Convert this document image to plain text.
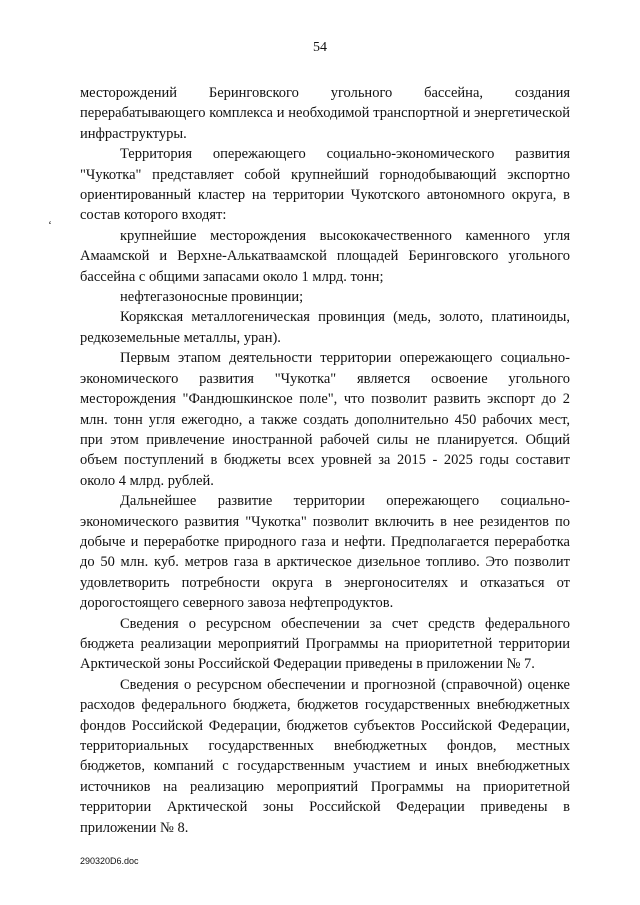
54
‘

месторождений Беринговского угольного бассейна, создания перерабатывающего комплекса и необходимой транспортной и энергетической инфраструктуры.

Территория опережающего социально-экономического развития "Чукотка" представляет собой крупнейший горнодобывающий экспортно ориентированный кластер на территории Чукотского автономного округа, в состав которого входят:

крупнейшие месторождения высококачественного каменного угля Амаамской и Верхне-Алькатваамской площадей Беринговского угольного бассейна с общими запасами около 1 млрд. тонн;

нефтегазоносные провинции;

Корякская металлогеническая провинция (медь, золото, платиноиды, редкоземельные металлы, уран).

Первым этапом деятельности территории опережающего социально-экономического развития "Чукотка" является освоение угольного месторождения "Фандюшкинское поле", что позволит развить экспорт до 2 млн. тонн угля ежегодно, а также создать дополнительно 450 рабочих мест, при этом привлечение иностранной рабочей силы не планируется. Общий объем поступлений в бюджеты всех уровней за 2015 - 2025 годы составит около 4 млрд. рублей.

Дальнейшее развитие территории опережающего социально-экономического развития "Чукотка" позволит включить в нее резидентов по добыче и переработке природного газа и нефти. Предполагается переработка до 50 млн. куб. метров газа в арктическое дизельное топливо. Это позволит удовлетворить потребности округа в энергоносителях и отказаться от дорогостоящего северного завоза нефтепродуктов.

Сведения о ресурсном обеспечении за счет средств федерального бюджета реализации мероприятий Программы на приоритетной территории Арктической зоны Российской Федерации приведены в приложении № 7.

Сведения о ресурсном обеспечении и прогнозной (справочной) оценке расходов федерального бюджета, бюджетов государственных внебюджетных фондов Российской Федерации, бюджетов субъектов Российской Федерации, территориальных государственных внебюджетных фондов, местных бюджетов, компаний с государственным участием и иных внебюджетных источников на реализацию мероприятий Программы на приоритетной территории Арктической зоны Российской Федерации приведены в приложении № 8.

290320D6.doc
